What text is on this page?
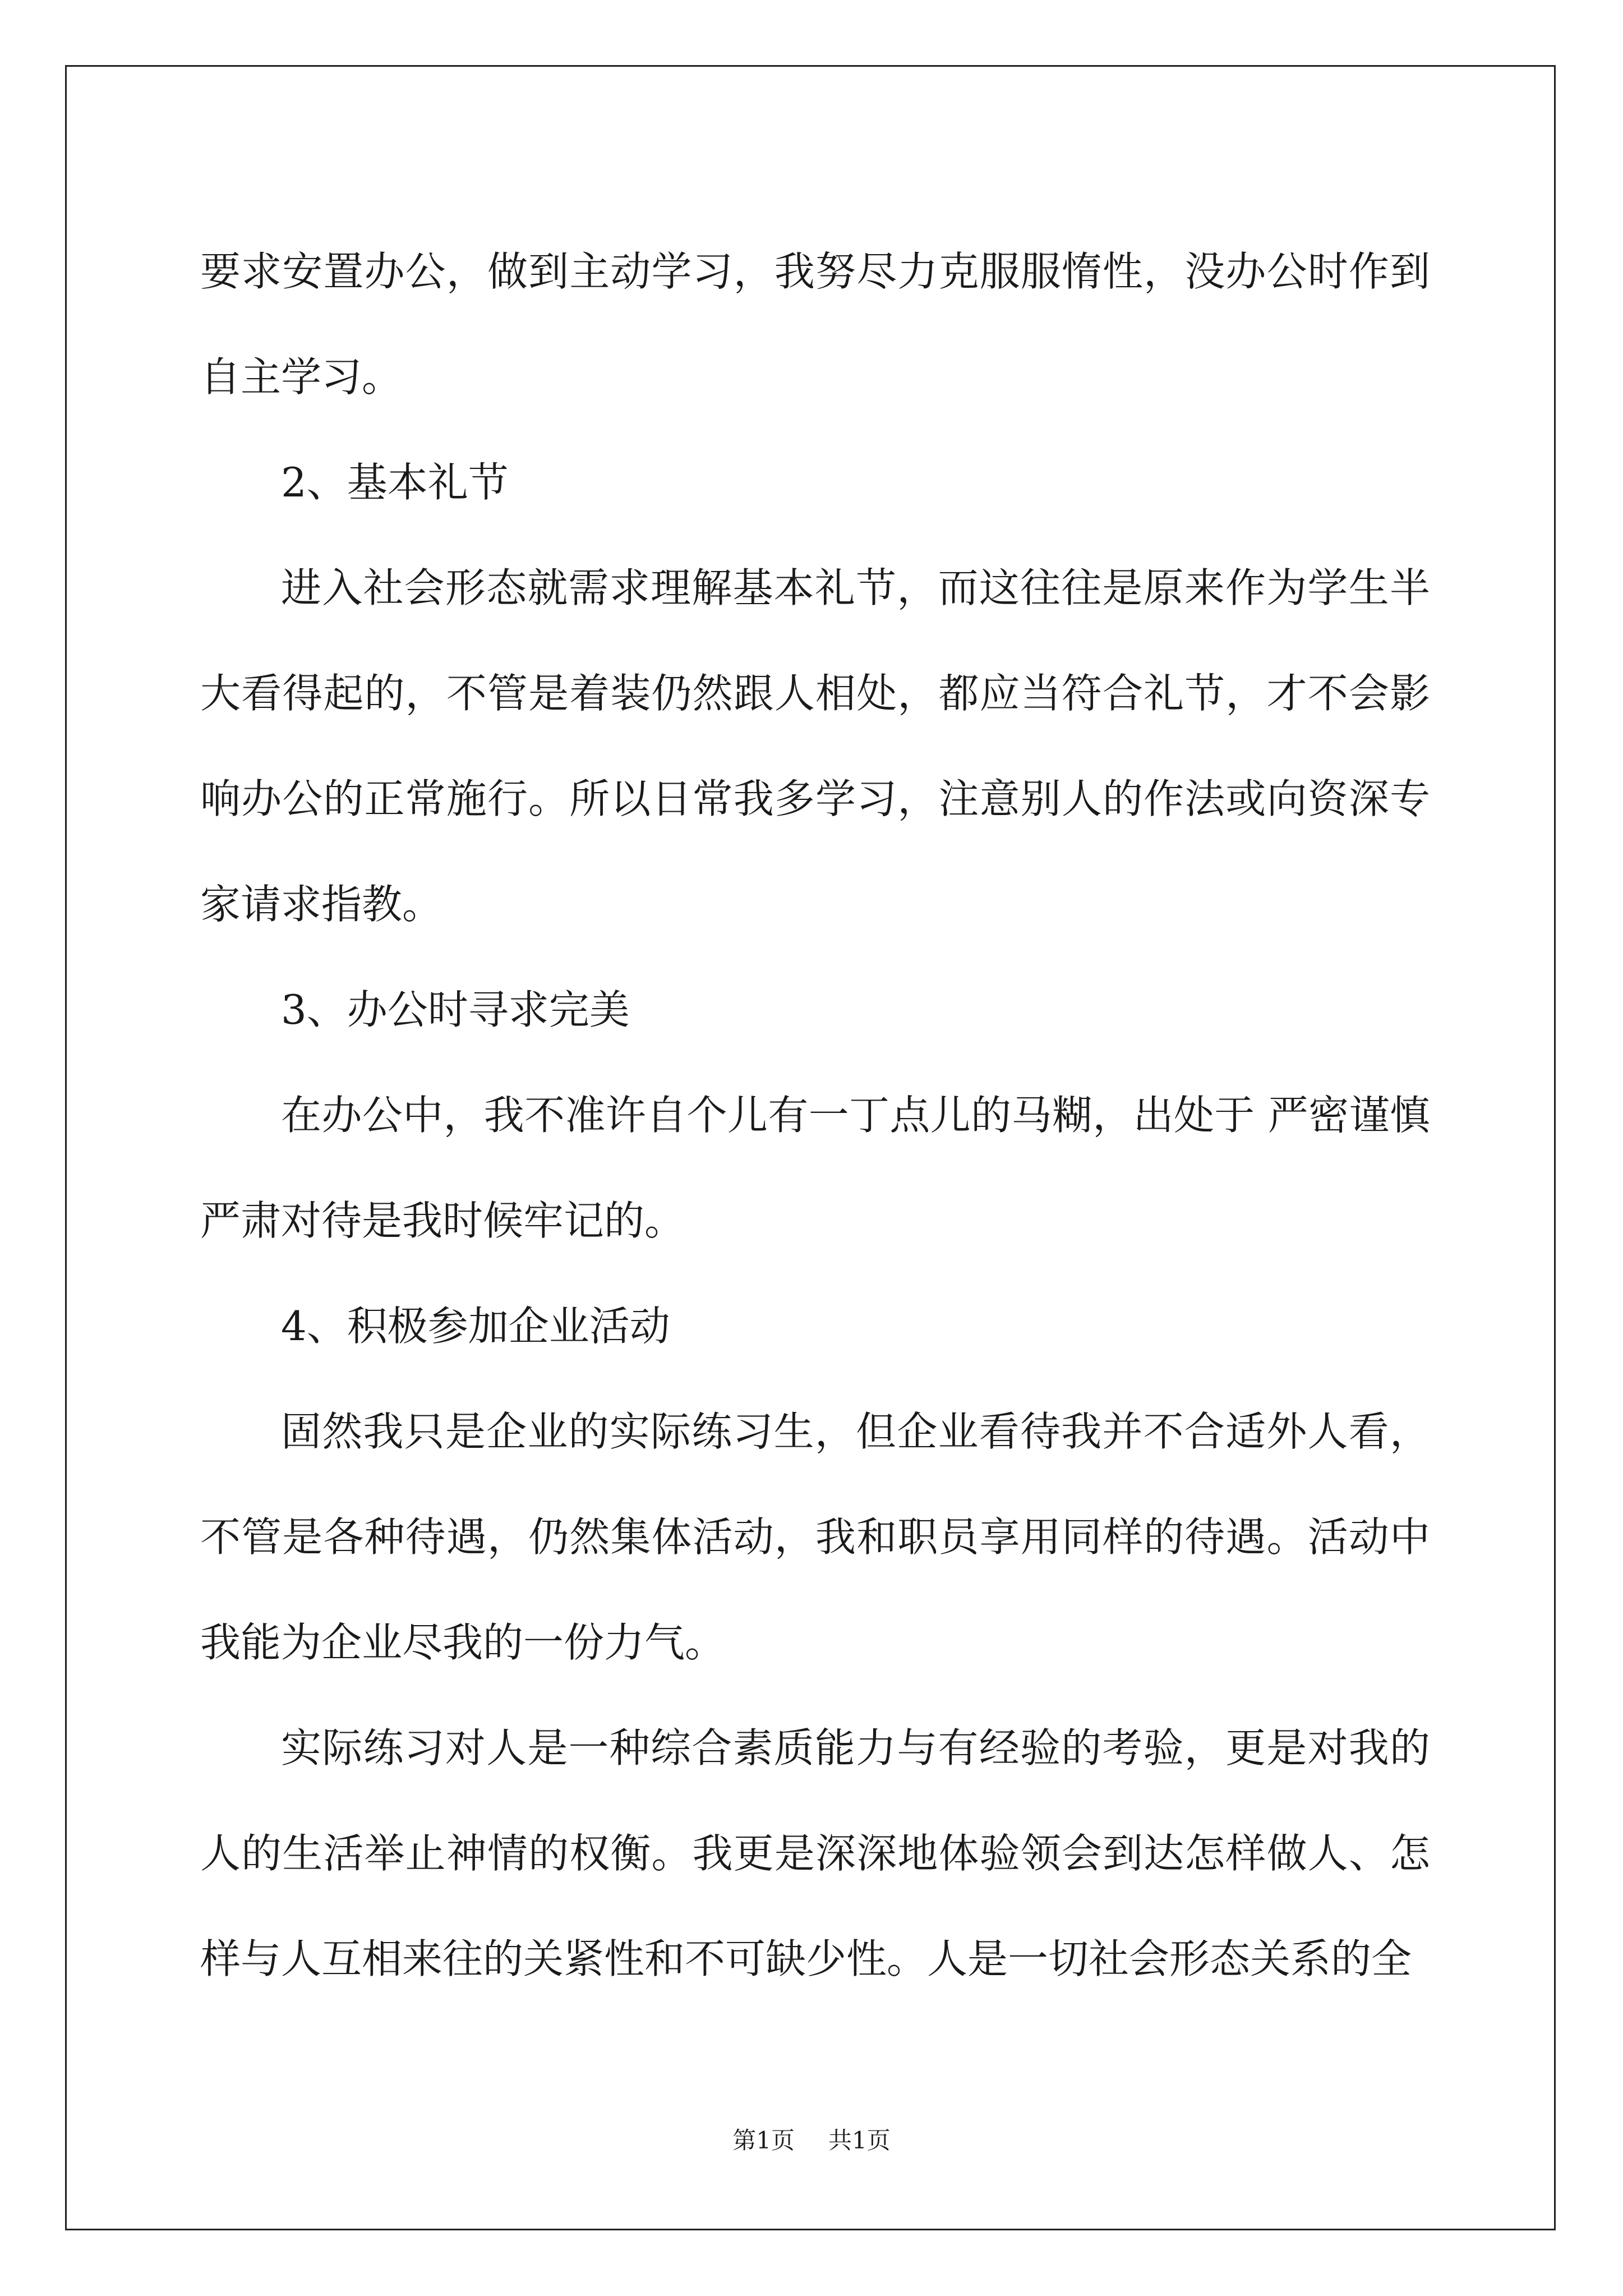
要求安置办公，做到主动学习，我努尽力克服服惰性，没办公时作到自主学习。

2、基本礼节

进入社会形态就需求理解基本礼节，而这往往是原来作为学生半大看得起的，不管是着装仍然跟人相处，都应当符合礼节，才不会影响办公的正常施行。所以日常我多学习，注意别人的作法或向资深专家请求指教。

3、办公时寻求完美

在办公中，我不准许自个儿有一丁点儿的马糊，出处于 严密谨慎严肃对待是我时候牢记的。

4、积极参加企业活动

固然我只是企业的实际练习生，但企业看待我并不合适外人看，不管是各种待遇，仍然集体活动，我和职员享用同样的待遇。活动中我能为企业尽我的一份力气。

实际练习对人是一种综合素质能力与有经验的考验，更是对我的人的生活举止神情的权衡。我更是深深地体验领会到达怎样做人、怎样与人互相来往的关紧性和不可缺少性。人是一切社会形态关系的全

第1页 共1页
